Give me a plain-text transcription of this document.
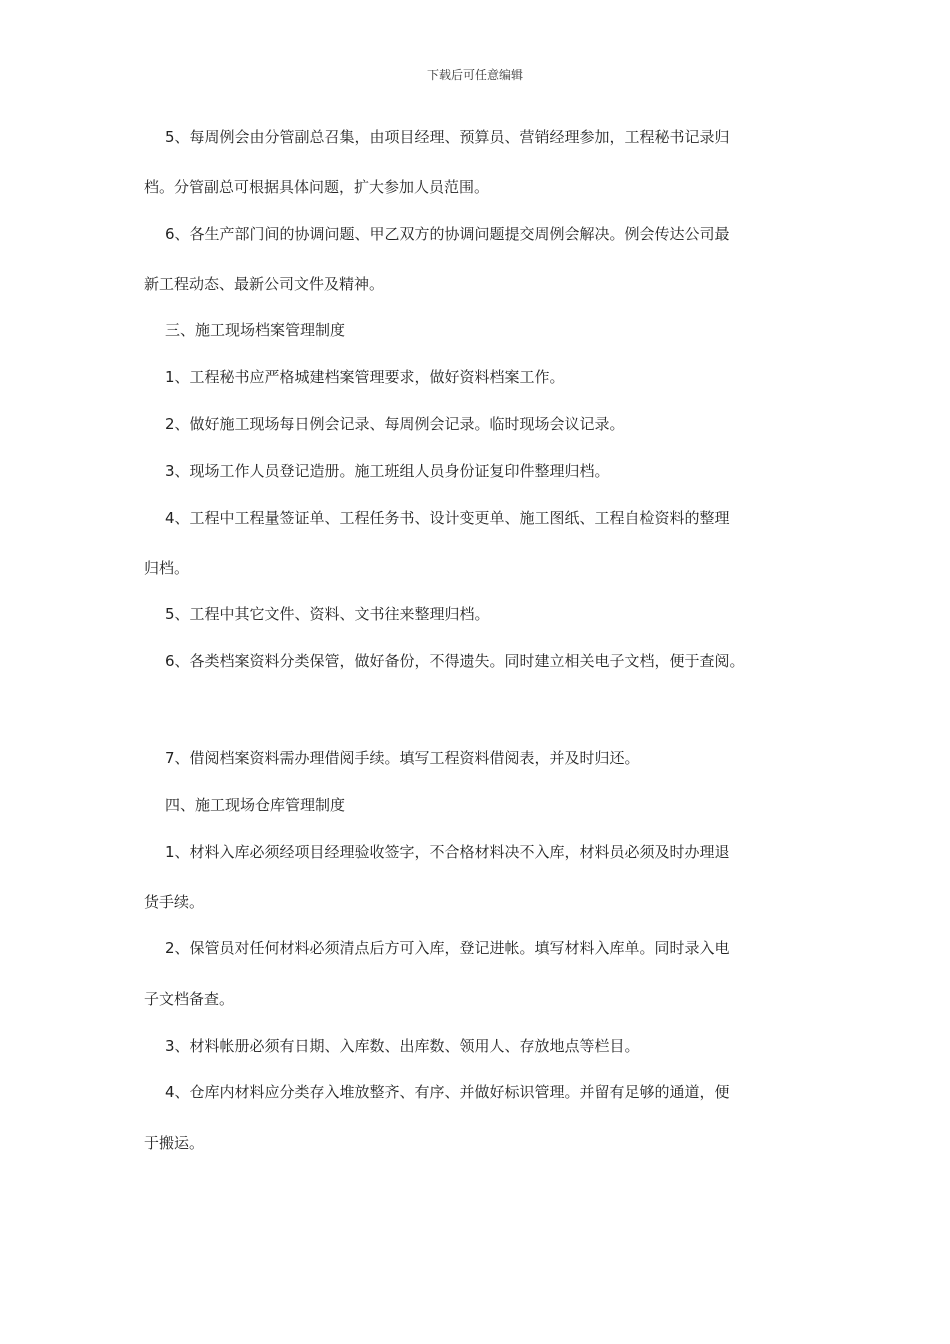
下载后可任意编辑
5、每周例会由分管副总召集，由项目经理、预算员、营销经理参加，工程秘书记录归
档。分管副总可根据具体问题，扩大参加人员范围。
6、各生产部门间的协调问题、甲乙双方的协调问题提交周例会解决。例会传达公司最
新工程动态、最新公司文件及精神。
三、施工现场档案管理制度
1、工程秘书应严格城建档案管理要求，做好资料档案工作。
2、做好施工现场每日例会记录、每周例会记录。临时现场会议记录。
3、现场工作人员登记造册。施工班组人员身份证复印件整理归档。
4、工程中工程量签证单、工程任务书、设计变更单、施工图纸、工程自检资料的整理
归档。
5、工程中其它文件、资料、文书往来整理归档。
6、各类档案资料分类保管，做好备份，不得遗失。同时建立相关电子文档，便于查阅。
7、借阅档案资料需办理借阅手续。填写工程资料借阅表，并及时归还。
四、施工现场仓库管理制度
1、材料入库必须经项目经理验收签字，不合格材料决不入库，材料员必须及时办理退
货手续。
2、保管员对任何材料必须清点后方可入库，登记进帐。填写材料入库单。同时录入电
子文档备查。
3、材料帐册必须有日期、入库数、出库数、领用人、存放地点等栏目。
4、仓库内材料应分类存入堆放整齐、有序、并做好标识管理。并留有足够的通道，便
于搬运。
